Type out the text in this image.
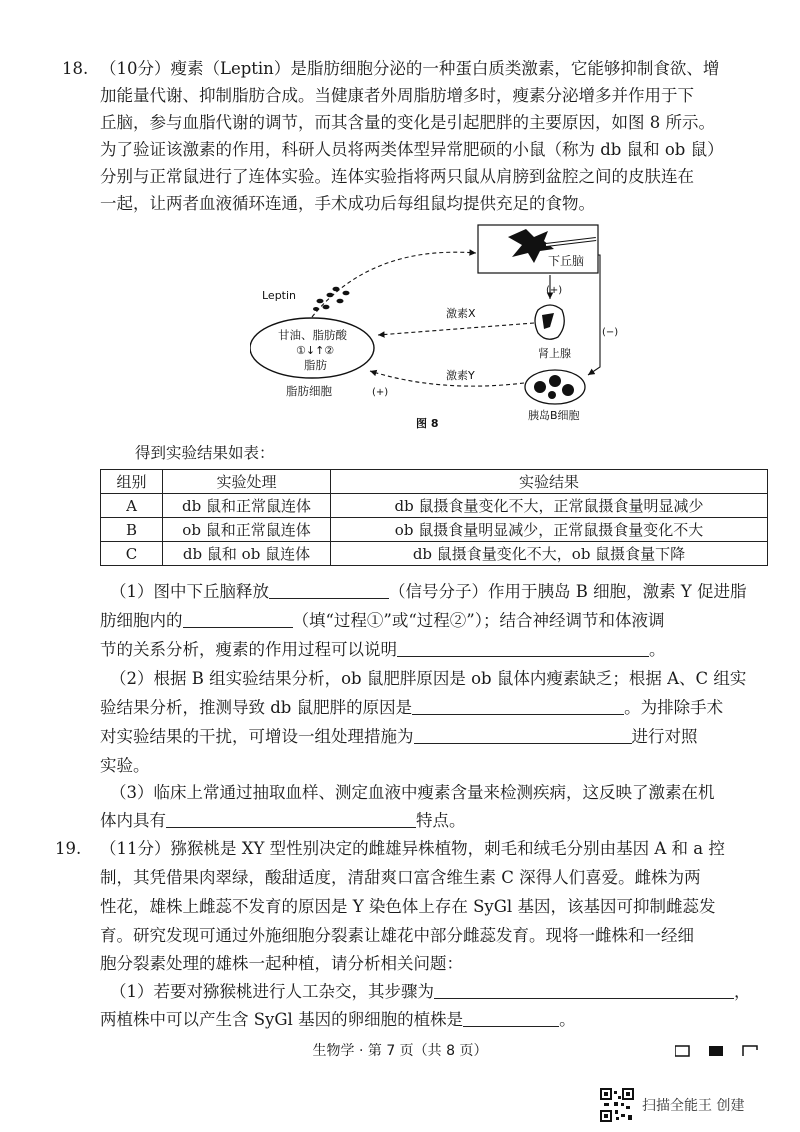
18. （10分）瘦素（Leptin）是脂肪细胞分泌的一种蛋白质类激素，它能够抑制食欲、增
加能量代谢、抑制脂肪合成。当健康者外周脂肪增多时，瘦素分泌增多并作用于下
丘脑，参与血脂代谢的调节，而其含量的变化是引起肥胖的主要原因，如图 8 所示。
为了验证该激素的作用，科研人员将两类体型异常肥硕的小鼠（称为 db 鼠和 ob 鼠）
分别与正常鼠进行了连体实验。连体实验指将两只鼠从肩膀到盆腔之间的皮肤连在
一起，让两者血液循环连通，手术成功后每组鼠均提供充足的食物。
下丘脑
肾上腺
胰岛B细胞
甘油、脂肪酸
①↓↑②
脂肪
脂肪细胞
Leptin	(+)
(−)
激素X
激素Y
(+)
图 8
得到实验结果如表：
组别	实验处理	实验结果
A	db 鼠和正常鼠连体	db 鼠摄食量变化不大，正常鼠摄食量明显减少
B	ob 鼠和正常鼠连体	ob 鼠摄食量明显减少，正常鼠摄食量变化不大
C	db 鼠和 ob 鼠连体	db 鼠摄食量变化不大，ob 鼠摄食量下降
（1）图中下丘脑释放	（信号分子）作用于胰岛 B 细胞，激素 Y 促进脂
肪细胞内的	（填“过程①”或“过程②”）；结合神经调节和体液调
节的关系分析，瘦素的作用过程可以说明	。
（2）根据 B 组实验结果分析，ob 鼠肥胖原因是 ob 鼠体内瘦素缺乏；根据 A、C 组实
验结果分析，推测导致 db 鼠肥胖的原因是	。为排除手术
对实验结果的干扰，可增设一组处理措施为	进行对照
实验。
（3）临床上常通过抽取血样、测定血液中瘦素含量来检测疾病，这反映了激素在机
体内具有	特点。
19. （11分）猕猴桃是 XY 型性别决定的雌雄异株植物，刺毛和绒毛分别由基因 A 和 a 控
制，其凭借果肉翠绿，酸甜适度，清甜爽口富含维生素 C 深得人们喜爱。雌株为两
性花，雄株上雌蕊不发育的原因是 Y 染色体上存在 SyGl 基因，该基因可抑制雌蕊发
育。研究发现可通过外施细胞分裂素让雄花中部分雌蕊发育。现将一雌株和一经细
胞分裂素处理的雄株一起种植，请分析相关问题：
（1）若要对猕猴桃进行人工杂交，其步骤为	，
两植株中可以产生含 SyGl 基因的卵细胞的植株是	。
生物学 · 第 7 页（共 8 页）
扫描全能王 创建
